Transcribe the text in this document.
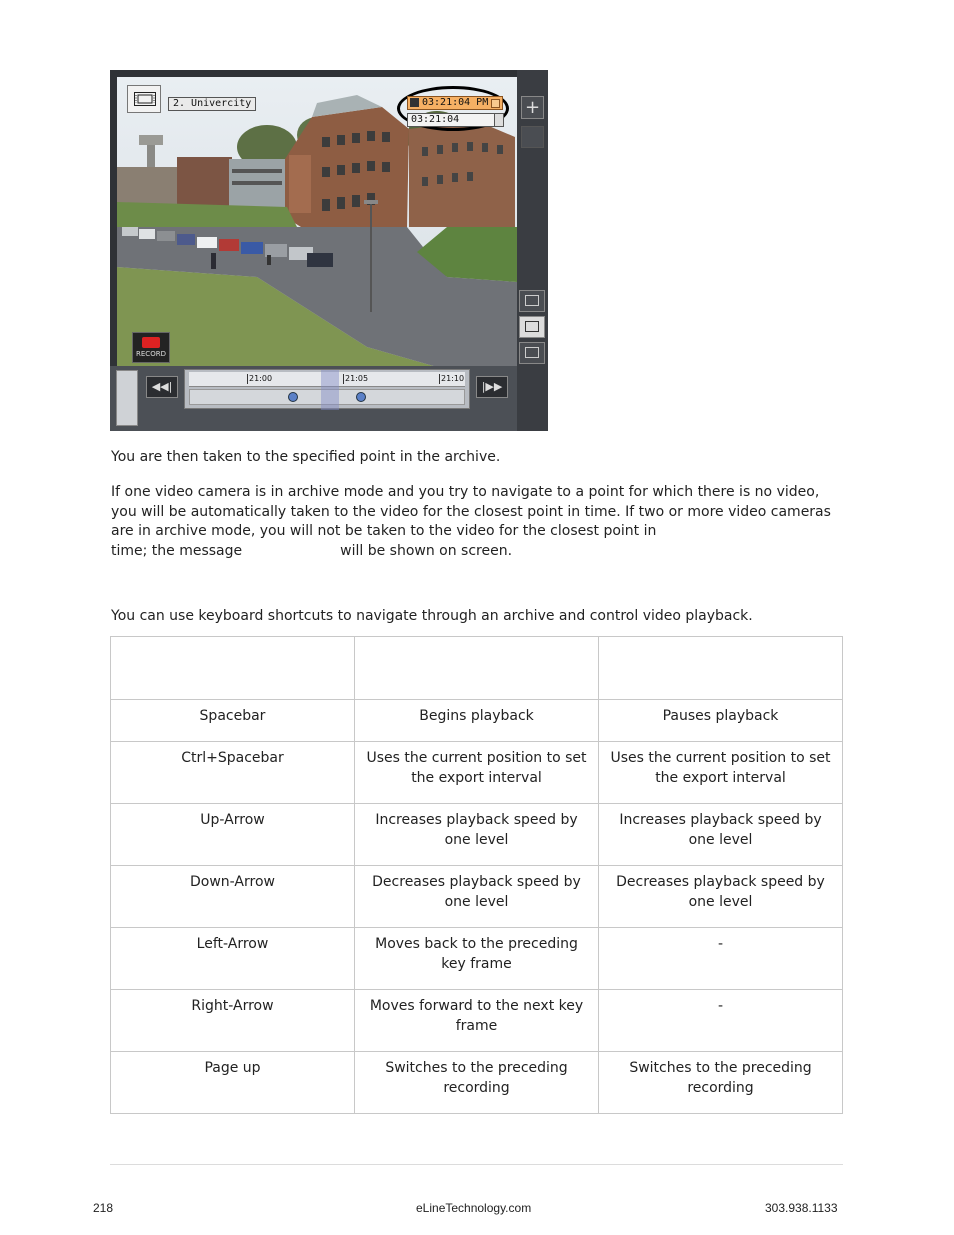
2. Univercity	03:21:04 PM
03:21:04
RECORD
+
◀◀|
21:00	21:05	21:10
|▶▶

You are then taken to the specified point in the archive.

If one video camera is in archive mode and you try to navigate to a point for which there is no video, you will be automatically taken to the video for the closest point in time. If two or more video cameras are in archive mode, you will not be taken to the video for the closest point in
time; the message	will be shown on screen.

You can use keyboard shortcuts to navigate through an archive and control video playback.

Spacebar	Begins playback	Pauses playback
Ctrl+Spacebar	Uses the current position to set the export interval	Uses the current position to set the export interval
Up-Arrow	Increases playback speed by one level	Increases playback speed by one level
Down-Arrow	Decreases playback speed by one level	Decreases playback speed by one level
Left-Arrow	Moves back to the preceding key frame	-
Right-Arrow	Moves forward to the next key frame	-
Page up	Switches to the preceding recording	Switches to the preceding recording
218	eLineTechnology.com	303.938.1133
